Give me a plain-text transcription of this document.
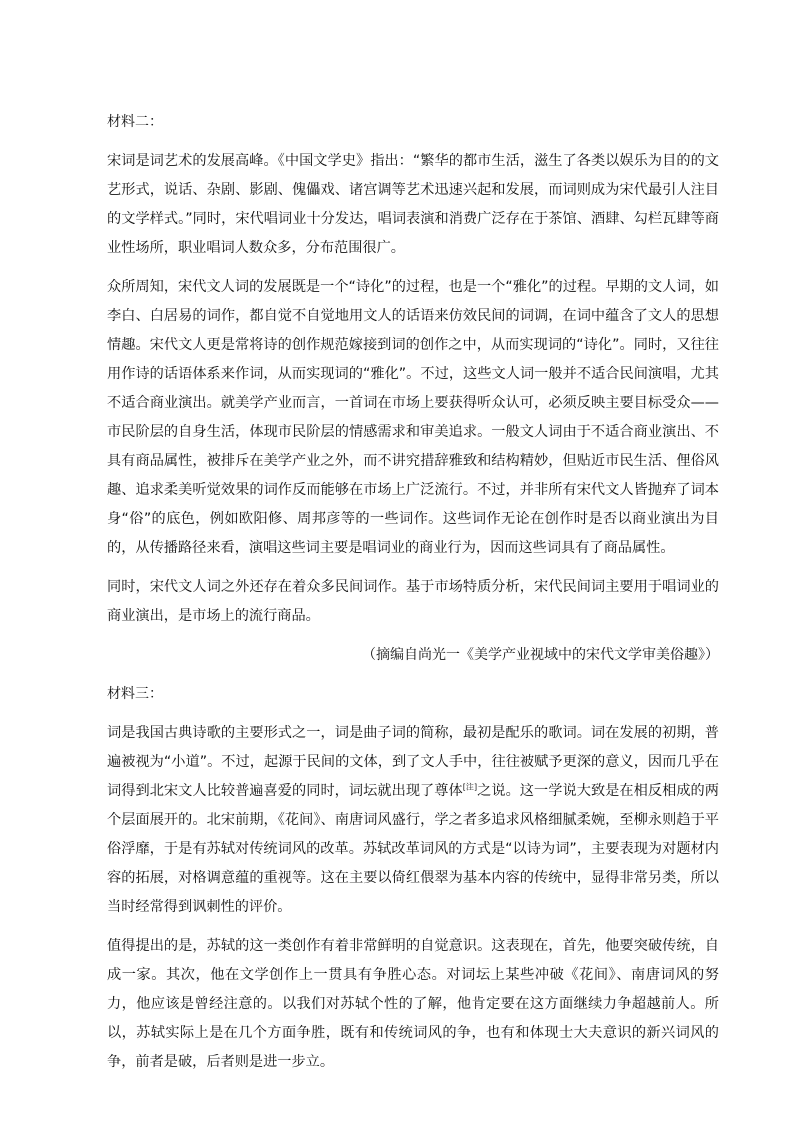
材料二：

宋词是词艺术的发展高峰。《中国文学史》指出：“繁华的都市生活，滋生了各类以娱乐为目的的文艺形式，说话、杂剧、影剧、傀儡戏、诸宫调等艺术迅速兴起和发展，而词则成为宋代最引人注目的文学样式。”同时，宋代唱词业十分发达，唱词表演和消费广泛存在于茶馆、酒肆、勾栏瓦肆等商业性场所，职业唱词人数众多，分布范围很广。

众所周知，宋代文人词的发展既是一个“诗化”的过程，也是一个“雅化”的过程。早期的文人词，如李白、白居易的词作，都自觉不自觉地用文人的话语来仿效民间的词调，在词中蕴含了文人的思想情趣。宋代文人更是常将诗的创作规范嫁接到词的创作之中，从而实现词的“诗化”。同时，又往往用作诗的话语体系来作词，从而实现词的“雅化”。不过，这些文人词一般并不适合民间演唱，尤其不适合商业演出。就美学产业而言，一首词在市场上要获得听众认可，必须反映主要目标受众——市民阶层的自身生活，体现市民阶层的情感需求和审美追求。一般文人词由于不适合商业演出、不具有商品属性，被排斥在美学产业之外，而不讲究措辞雅致和结构精妙，但贴近市民生活、俚俗风趣、追求柔美听觉效果的词作反而能够在市场上广泛流行。不过，并非所有宋代文人皆抛弃了词本身“俗”的底色，例如欧阳修、周邦彦等的一些词作。这些词作无论在创作时是否以商业演出为目的，从传播路径来看，演唱这些词主要是唱词业的商业行为，因而这些词具有了商品属性。

同时，宋代文人词之外还存在着众多民间词作。基于市场特质分析，宋代民间词主要用于唱词业的商业演出，是市场上的流行商品。

（摘编自尚光一《美学产业视域中的宋代文学审美俗趣》）

材料三：

词是我国古典诗歌的主要形式之一，词是曲子词的简称，最初是配乐的歌词。词在发展的初期，普遍被视为“小道”。不过，起源于民间的文体，到了文人手中，往往被赋予更深的意义，因而几乎在词得到北宋文人比较普遍喜爱的同时，词坛就出现了尊体[注]之说。这一学说大致是在相反相成的两个层面展开的。北宋前期，《花间》、南唐词风盛行，学之者多追求风格细腻柔婉，至柳永则趋于平俗浮靡，于是有苏轼对传统词风的改革。苏轼改革词风的方式是“以诗为词”，主要表现为对题材内容的拓展，对格调意蕴的重视等。这在主要以倚红偎翠为基本内容的传统中，显得非常另类，所以当时经常得到讽刺性的评价。

值得提出的是，苏轼的这一类创作有着非常鲜明的自觉意识。这表现在，首先，他要突破传统，自成一家。其次，他在文学创作上一贯具有争胜心态。对词坛上某些冲破《花间》、南唐词风的努力，他应该是曾经注意的。以我们对苏轼个性的了解，他肯定要在这方面继续力争超越前人。所以，苏轼实际上是在几个方面争胜，既有和传统词风的争，也有和体现士大夫意识的新兴词风的争，前者是破，后者则是进一步立。
